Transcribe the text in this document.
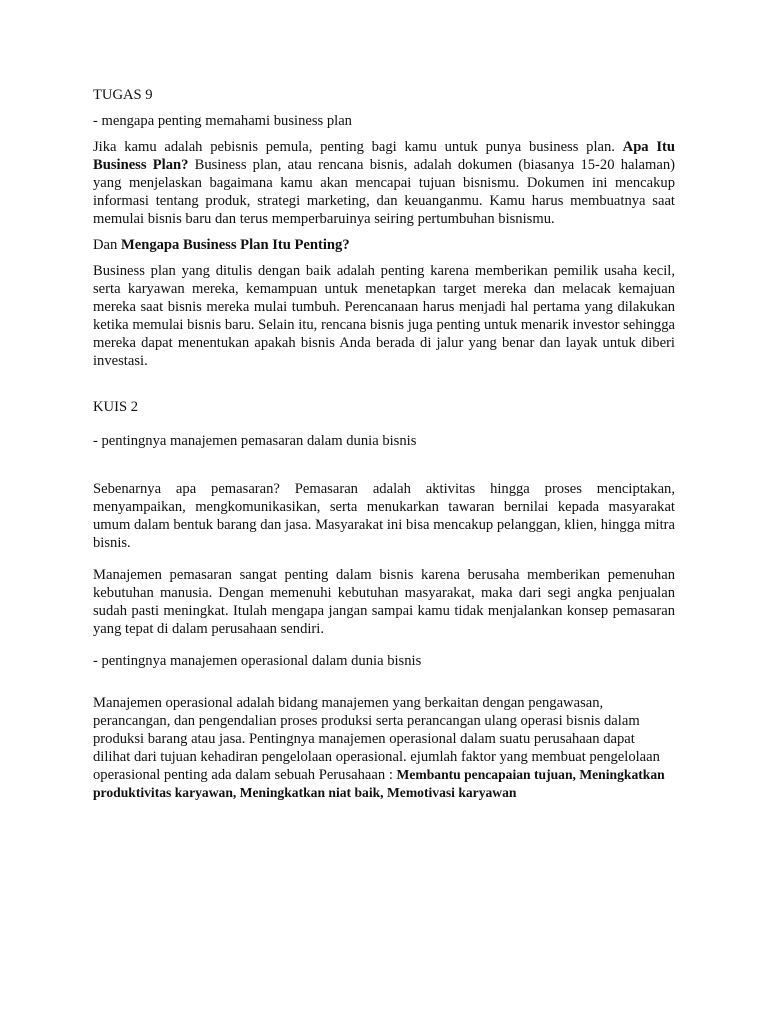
TUGAS 9

- mengapa penting memahami business plan

Jika kamu adalah pebisnis pemula, penting bagi kamu untuk punya business plan. Apa Itu Business Plan? Business plan, atau rencana bisnis, adalah dokumen (biasanya 15-20 halaman) yang menjelaskan bagaimana kamu akan mencapai tujuan bisnismu. Dokumen ini mencakup informasi tentang produk, strategi marketing, dan keuanganmu. Kamu harus membuatnya saat memulai bisnis baru dan terus memperbaruinya seiring pertumbuhan bisnismu.

Dan Mengapa Business Plan Itu Penting?

Business plan yang ditulis dengan baik adalah penting karena memberikan pemilik usaha kecil, serta karyawan mereka, kemampuan untuk menetapkan target mereka dan melacak kemajuan mereka saat bisnis mereka mulai tumbuh. Perencanaan harus menjadi hal pertama yang dilakukan ketika memulai bisnis baru. Selain itu, rencana bisnis juga penting untuk menarik investor sehingga mereka dapat menentukan apakah bisnis Anda berada di jalur yang benar dan layak untuk diberi investasi.

KUIS 2

- pentingnya manajemen pemasaran dalam dunia bisnis

Sebenarnya apa pemasaran? Pemasaran adalah aktivitas hingga proses menciptakan, menyampaikan, mengkomunikasikan, serta menukarkan tawaran bernilai kepada masyarakat umum dalam bentuk barang dan jasa. Masyarakat ini bisa mencakup pelanggan, klien, hingga mitra bisnis.

Manajemen pemasaran sangat penting dalam bisnis karena berusaha memberikan pemenuhan kebutuhan manusia. Dengan memenuhi kebutuhan masyarakat, maka dari segi angka penjualan sudah pasti meningkat. Itulah mengapa jangan sampai kamu tidak menjalankan konsep pemasaran yang tepat di dalam perusahaan sendiri.

- pentingnya manajemen operasional dalam dunia bisnis

Manajemen operasional adalah bidang manajemen yang berkaitan dengan pengawasan, perancangan, dan pengendalian proses produksi serta perancangan ulang operasi bisnis dalam produksi barang atau jasa. Pentingnya manajemen operasional dalam suatu perusahaan dapat dilihat dari tujuan kehadiran pengelolaan operasional. ejumlah faktor yang membuat pengelolaan operasional penting ada dalam sebuah Perusahaan : Membantu pencapaian tujuan, Meningkatkan produktivitas karyawan, Meningkatkan niat baik, Memotivasi karyawan
